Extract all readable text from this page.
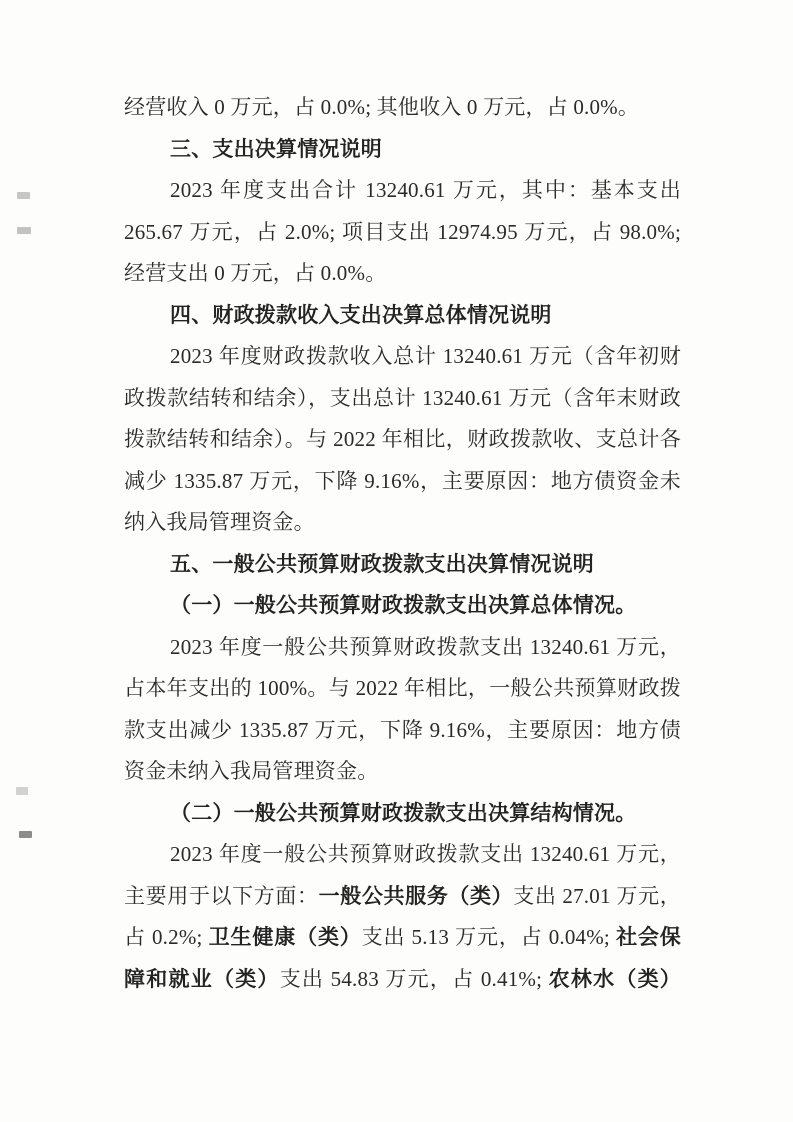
经营收入 0 万元，占 0.0%; 其他收入 0 万元，占 0.0%。
三、支出决算情况说明
2023 年度支出合计 13240.61 万元，其中：基本支出
265.67 万元，占 2.0%; 项目支出 12974.95 万元，占 98.0%;
经营支出 0 万元，占 0.0%。
四、财政拨款收入支出决算总体情况说明
2023 年度财政拨款收入总计 13240.61 万元（含年初财
政拨款结转和结余），支出总计 13240.61 万元（含年末财政
拨款结转和结余）。与 2022 年相比，财政拨款收、支总计各
减少 1335.87 万元，下降 9.16%，主要原因：地方债资金未
纳入我局管理资金。
五、一般公共预算财政拨款支出决算情况说明
（一）一般公共预算财政拨款支出决算总体情况。
2023 年度一般公共预算财政拨款支出 13240.61 万元，
占本年支出的 100%。与 2022 年相比，一般公共预算财政拨
款支出减少 1335.87 万元，下降 9.16%，主要原因：地方债
资金未纳入我局管理资金。
（二）一般公共预算财政拨款支出决算结构情况。
2023 年度一般公共预算财政拨款支出 13240.61 万元，
主要用于以下方面：一般公共服务（类）支出 27.01 万元，
占 0.2%; 卫生健康（类）支出 5.13 万元，占 0.04%; 社会保
障和就业（类）支出 54.83 万元，占 0.41%; 农林水（类）
